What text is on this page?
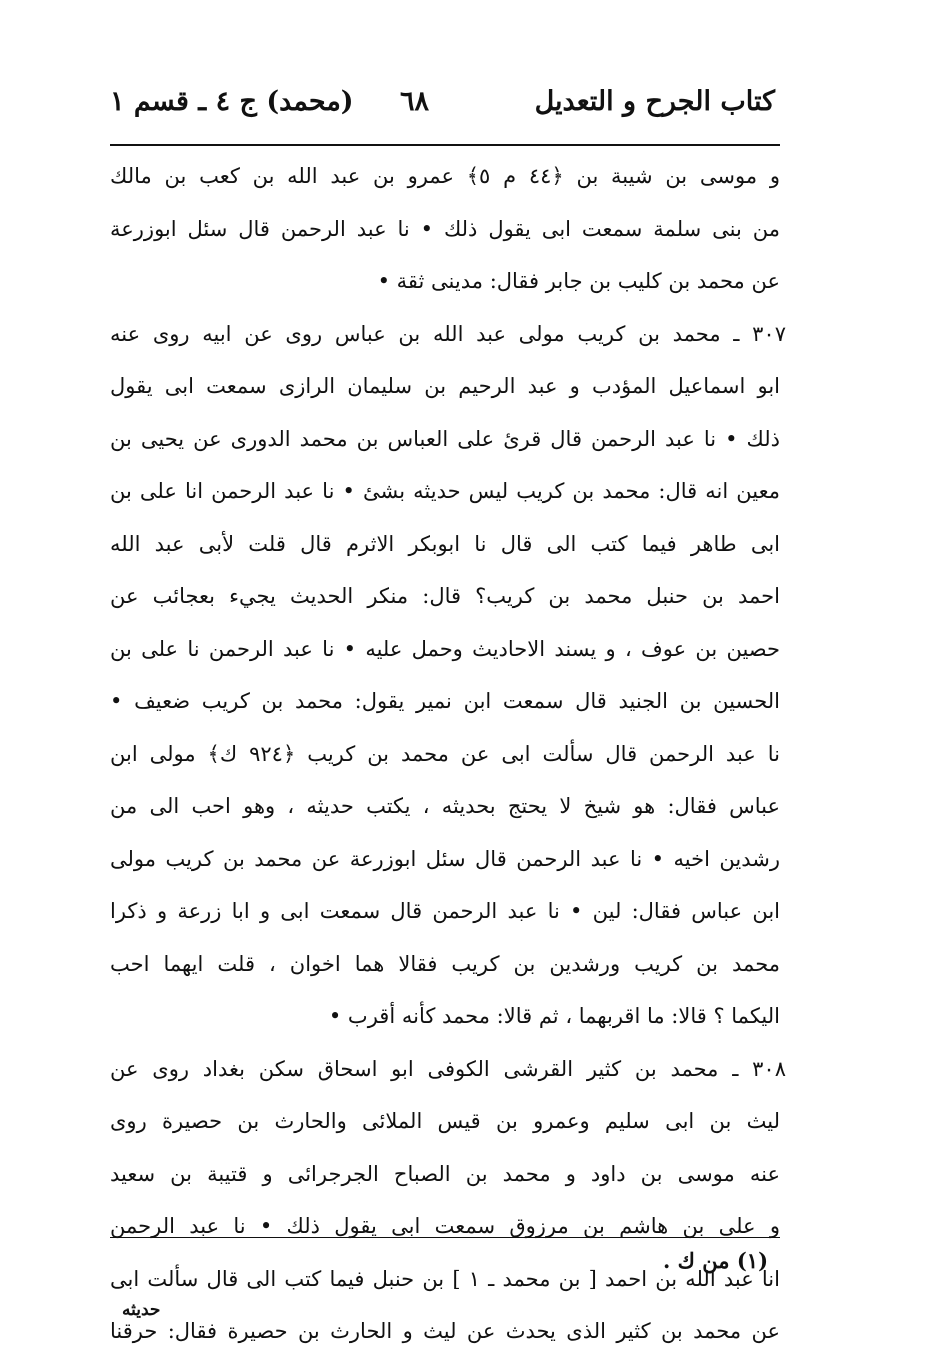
كتاب الجرح و التعديل
٦٨
(محمد) ج ٤ ـ قسم ١
و موسى بن شيبة بن ﴿٤٤ م ٥﴾ عمرو بن عبد الله بن كعب بن مالك
من بنى سلمة سمعت ابى يقول ذلك • نا عبد الرحمن قال سئل ابوزرعة
عن محمد بن كليب بن جابر فقال: مدينى ثقة •
٣٠٧ ـ محمد بن كريب مولى عبد الله بن عباس روى عن ابيه روى عنه
ابو اسماعيل المؤدب و عبد الرحيم بن سليمان الرازى سمعت ابى يقول
ذلك • نا عبد الرحمن قال قرئ على العباس بن محمد الدورى عن يحيى بن
معين انه قال: محمد بن كريب ليس حديثه بشئ • نا عبد الرحمن انا على بن
ابى طاهر فيما كتب الى قال نا ابوبكر الاثرم قال قلت لأبى عبد الله
احمد بن حنبل محمد بن كريب؟ قال: منكر الحديث يجيء بعجائب عن
حصين بن عوف ، و يسند الاحاديث وحمل عليه • نا عبد الرحمن نا على بن
الحسين بن الجنيد قال سمعت ابن نمير يقول: محمد بن كريب ضعيف •
نا عبد الرحمن قال سألت ابى عن محمد بن كريب ﴿٩٢٤ ك﴾ مولى ابن
عباس فقال: هو شيخ لا يحتج بحديثه ، يكتب حديثه ، وهو احب الى من
رشدين اخيه • نا عبد الرحمن قال سئل ابوزرعة عن محمد بن كريب مولى
ابن عباس فقال: لين • نا عبد الرحمن قال سمعت ابى و ابا زرعة و ذكرا
محمد بن كريب ورشدين بن كريب فقالا هما اخوان ، قلت ايهما احب
اليكما ؟ قالا: ما اقربهما ، ثم قالا: محمد كأنه أقرب •
٣٠٨ ـ محمد بن كثير القرشى الكوفى ابو اسحاق سكن بغداد روى عن
ليث بن ابى سليم وعمرو بن قيس الملائى والحارث بن حصيرة روى
عنه موسى بن داود و محمد بن الصباح الجرجرائى و قتيبة بن سعيد
و على بن هاشم بن مرزوق سمعت ابى يقول ذلك • نا عبد الرحمن
انا عبد الله بن احمد [ بن محمد ـ ١ ] بن حنبل فيما كتب الى قال سألت ابى
عن محمد بن كثير الذى يحدث عن ليث و الحارث بن حصيرة فقال: حرقنا
(١) من ك .
حديثه
